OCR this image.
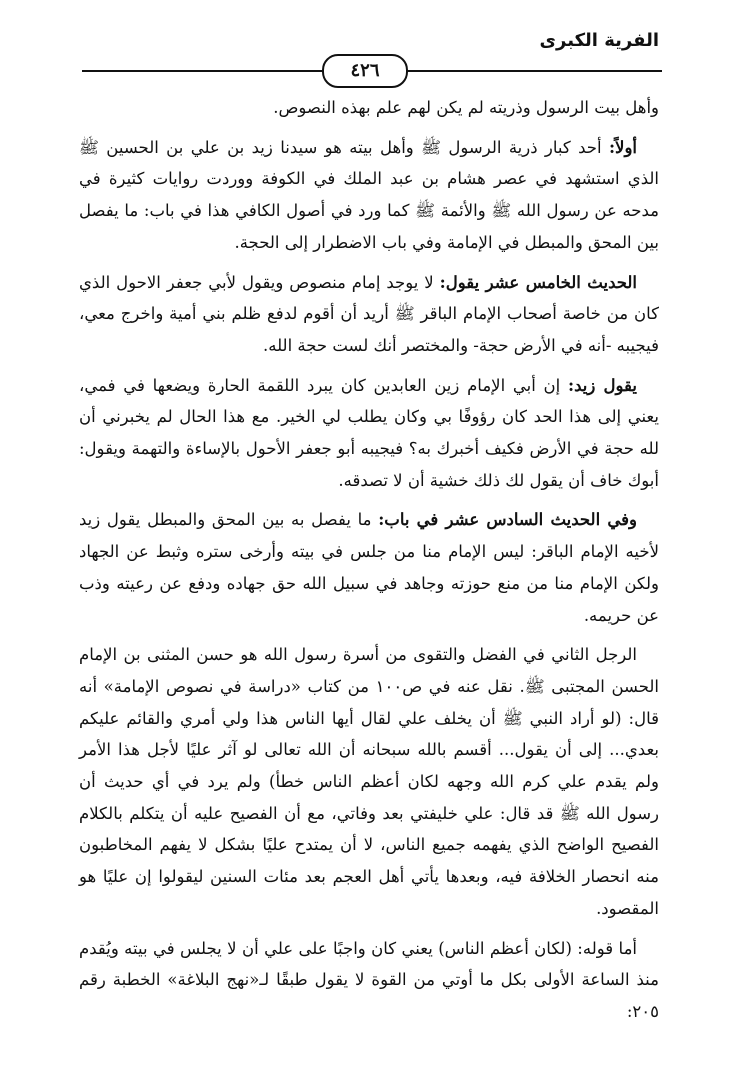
الفرية الكبرى
٤٢٦

وأهل بيت الرسول وذريته لم يكن لهم علم بهذه النصوص.

أولاً: أحد كبار ذرية الرسول ﷺ وأهل بيته هو سيدنا زيد بن علي بن الحسين ﷺ الذي استشهد في عصر هشام بن عبد الملك في الكوفة ووردت روايات كثيرة في مدحه عن رسول الله ﷺ والأئمة ﷺ كما ورد في أصول الكافي هذا في باب: ما يفصل بين المحق والمبطل في الإمامة وفي باب الاضطرار إلى الحجة.

الحديث الخامس عشر يقول: لا يوجد إمام منصوص ويقول لأبي جعفر الاحول الذي كان من خاصة أصحاب الإمام الباقر ﷺ أريد أن أقوم لدفع ظلم بني أمية واخرج معي، فيجيبه -أنه في الأرض حجة- والمختصر أنك لست حجة الله.

يقول زيد: إن أبي الإمام زين العابدين كان يبرد اللقمة الحارة ويضعها في فمي، يعني إلى هذا الحد كان رؤوفًا بي وكان يطلب لي الخير. مع هذا الحال لم يخبرني أن لله حجة في الأرض فكيف أخبرك به؟ فيجيبه أبو جعفر الأحول بالإساءة والتهمة ويقول: أبوك خاف أن يقول لك ذلك خشية أن لا تصدقه.

وفي الحديث السادس عشر في باب: ما يفصل به بين المحق والمبطل يقول زيد لأخيه الإمام الباقر: ليس الإمام منا من جلس في بيته وأرخى ستره وثبط عن الجهاد ولكن الإمام منا من منع حوزته وجاهد في سبيل الله حق جهاده ودفع عن رعيته وذب عن حريمه.

الرجل الثاني في الفضل والتقوى من أسرة رسول الله هو حسن المثنى بن الإمام الحسن المجتبى ﷺ. نقل عنه في ص١٠٠ من كتاب «دراسة في نصوص الإمامة» أنه قال: (لو أراد النبي ﷺ أن يخلف علي لقال أيها الناس هذا ولي أمري والقائم عليكم بعدي... إلى أن يقول... أقسم بالله سبحانه أن الله تعالى لو آثر عليًا لأجل هذا الأمر ولم يقدم علي كرم الله وجهه لكان أعظم الناس خطأ) ولم يرد في أي حديث أن رسول الله ﷺ قد قال: علي خليفتي بعد وفاتي، مع أن الفصيح عليه أن يتكلم بالكلام الفصيح الواضح الذي يفهمه جميع الناس، لا أن يمتدح عليًا بشكل لا يفهم المخاطبون منه انحصار الخلافة فيه، وبعدها يأتي أهل العجم بعد مئات السنين ليقولوا إن عليًا هو المقصود.

أما قوله: (لكان أعظم الناس) يعني كان واجبًا على علي أن لا يجلس في بيته ويُقدم منذ الساعة الأولى بكل ما أوتي من القوة لا يقول طبقًا لـ«نهج البلاغة» الخطبة رقم ٢٠٥:
